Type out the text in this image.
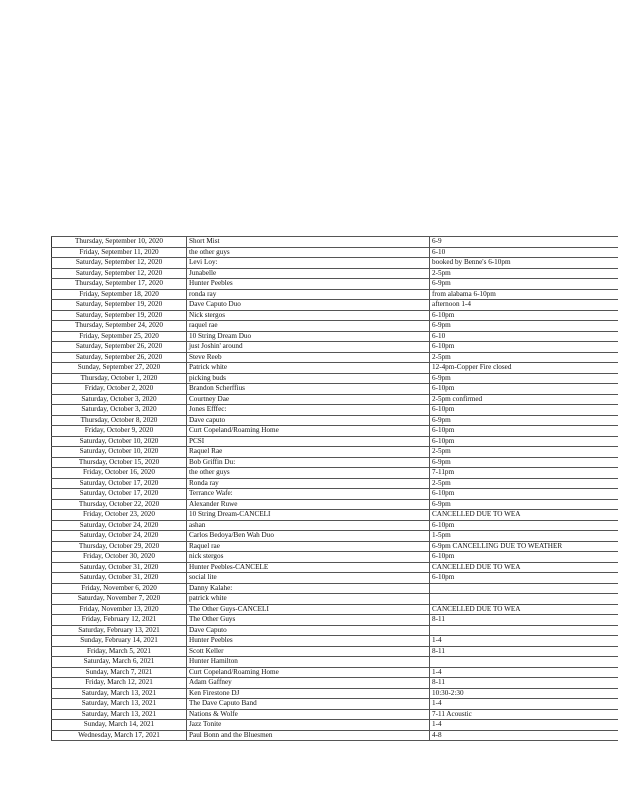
Thursday, September 10, 2020	Short Mist	6-9
Friday, September 11, 2020	the other guys	6-10
Saturday, September 12, 2020	Levi Loy:	booked by Benne's 6-10pm
Saturday, September 12, 2020	Junabelle	2-5pm
Thursday, September 17, 2020	Hunter Peebles	6-9pm
Friday, September 18, 2020	ronda ray	from alabama 6-10pm
Saturday, September 19, 2020	Dave Caputo Duo	afternoon 1-4
Saturday, September 19, 2020	Nick stergos	6-10pm
Thursday, September 24, 2020	raquel rae	6-9pm
Friday, September 25, 2020	10 String Dream Duo	6-10
Saturday, September 26, 2020	just Joshin' around	6-10pm
Saturday, September 26, 2020	Steve Reeb	2-5pm
Sunday, September 27, 2020	Patrick white	12-4pm-Copper Fire closed
Thursday, October 1, 2020	picking buds	6-9pm
Friday, October 2, 2020	Brandon Scherffius	6-10pm
Saturday, October 3, 2020	Courtney Dae	2-5pm confirmed
Saturday, October 3, 2020	Jones Efffec:	6-10pm
Thursday, October 8, 2020	Dave caputo	6-9pm
Friday, October 9, 2020	Curt Copeland/Roaming Home	6-10pm
Saturday, October 10, 2020	PCSI	6-10pm
Saturday, October 10, 2020	Raquel Rae	2-5pm
Thursday, October 15, 2020	Bob Griffin Du:	6-9pm
Friday, October 16, 2020	the other guys	7-11pm
Saturday, October 17, 2020	Ronda ray	2-5pm
Saturday, October 17, 2020	Terrance Wafe:	6-10pm
Thursday, October 22, 2020	Alexander Ruwe	6-9pm
Friday, October 23, 2020	10 String Dream-CANCELI	CANCELLED DUE TO WEA
Saturday, October 24, 2020	ashan	6-10pm
Saturday, October 24, 2020	Carlos Bedoya/Ben Wah Duo	1-5pm
Thursday, October 29, 2020	Raquel rae	6-9pm CANCELLING DUE TO WEATHER
Friday, October 30, 2020	nick stergos	6-10pm
Saturday, October 31, 2020	Hunter Peebles-CANCELE	CANCELLED DUE TO WEA
Saturday, October 31, 2020	social lite	6-10pm
Friday, November 6, 2020	Danny Kalahe:	
Saturday, November 7, 2020	patrick white	
Friday, November 13, 2020	The Other Guys-CANCELI	CANCELLED DUE TO WEA
Friday, February 12, 2021	The Other Guys	8-11
Saturday, February 13, 2021	Dave Caputo	
Sunday, February 14, 2021	Hunter Peebles	1-4
Friday, March 5, 2021	Scott Keller	8-11
Saturday, March 6, 2021	Hunter Hamilton	
Sunday, March 7, 2021	Curt Copeland/Roaming Home	1-4
Friday, March 12, 2021	Adam Gaffney	8-11
Saturday, March 13, 2021	Ken Firestone DJ	10:30-2:30
Saturday, March 13, 2021	The Dave Caputo Band	1-4
Saturday, March 13, 2021	Nations & Wolfe	7-11 Acoustic
Sunday, March 14, 2021	Jazz Tonite	1-4
Wednesday, March 17, 2021	Paul Bonn and the Bluesmen	4-8
